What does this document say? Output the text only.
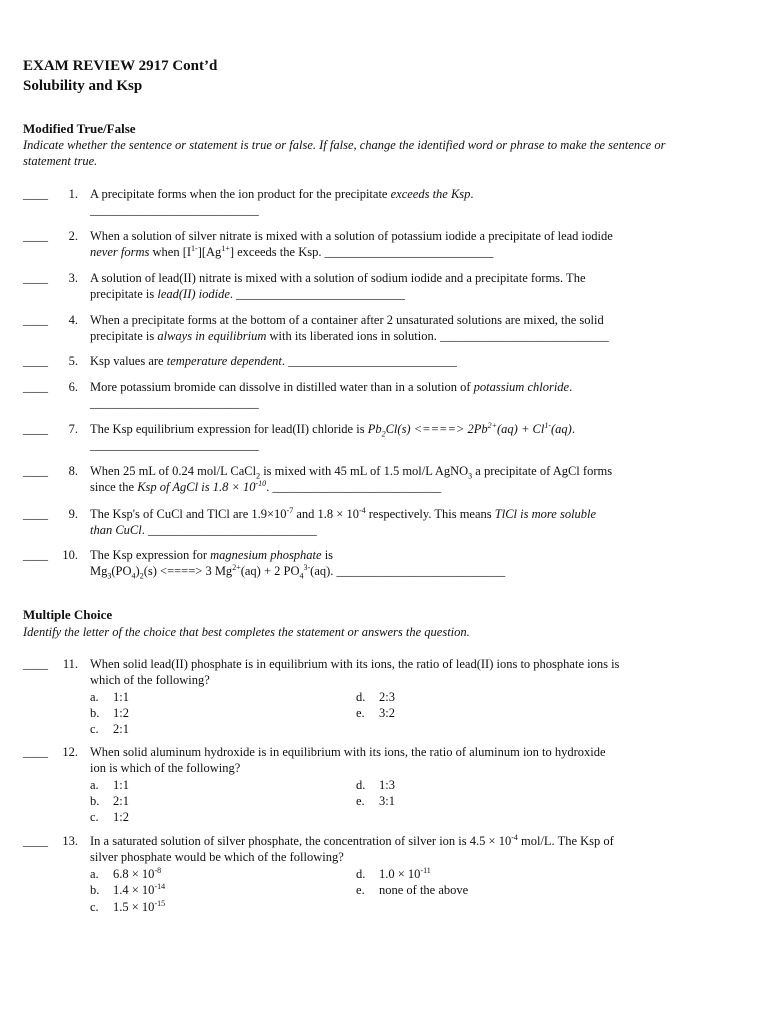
EXAM REVIEW 2917 Cont’d
Solubility and Ksp
Modified True/False
Indicate whether the sentence or statement is true or false. If false, change the identified word or phrase to make the sentence or statement true.
____	1. A precipitate forms when the ion product for the precipitate exceeds the Ksp.
___________________________
____	2. When a solution of silver nitrate is mixed with a solution of potassium iodide a precipitate of lead iodide
never forms when $[I^{1-}][Ag^{1+}]$ exceeds the Ksp. ___________________________
____	3. A solution of lead(II) nitrate is mixed with a solution of sodium iodide and a precipitate forms. The
precipitate is lead(II) iodide. ___________________________
____	4. When a precipitate forms at the bottom of a container after 2 unsaturated solutions are mixed, the solid
precipitate is always in equilibrium with its liberated ions in solution. ___________________________
____	5. Ksp values are temperature dependent. ___________________________
____	6. More potassium bromide can dissolve in distilled water than in a solution of potassium chloride.
___________________________
____	7. The Ksp equilibrium expression for lead(II) chloride is $Pb_2Cl(s)$ <====> $2Pb^{2+}(aq) + Cl^{1-}(aq)$.
___________________________
____	8. When 25 mL of 0.24 mol/L CaCl$_2$ is mixed with 45 mL of 1.5 mol/L AgNO$_3$ a precipitate of AgCl forms
since the Ksp of AgCl is $1.8 \times 10^{-10}$. ___________________________
____	9. The Ksp's of CuCl and TlCl are $1.9\times 10^{-7}$ and $1.8 \times 10^{-4}$ respectively. This means TlCl is more soluble
than CuCl. ___________________________
____	10. The Ksp expression for magnesium phosphate is
$Mg_3(PO_4)_2(s)$ <====> 3 $Mg^{2+}(aq) + 2$ $PO_4^{3-}(aq)$. ___________________________
Multiple Choice
Identify the letter of the choice that best completes the statement or answers the question.
____	11. When solid lead(II) phosphate is in equilibrium with its ions, the ratio of lead(II) ions to phosphate ions is
which of the following?
a. 1:1
b. 1:2
c. 2:1
d. 2:3
e. 3:2
____	12. When solid aluminum hydroxide is in equilibrium with its ions, the ratio of aluminum ion to hydroxide
ion is which of the following?
a. 1:1
b. 2:1
c. 1:2
d. 1:3
e. 3:1
____	13. In a saturated solution of silver phosphate, the concentration of silver ion is $4.5 \times 10^{-4}$ mol/L. The Ksp of
silver phosphate would be which of the following?
a. $6.8 \times 10^{-8}$
b. $1.4 \times 10^{-14}$
c. $1.5 \times 10^{-15}$
d. $1.0 \times 10^{-11}$
e. none of the above
